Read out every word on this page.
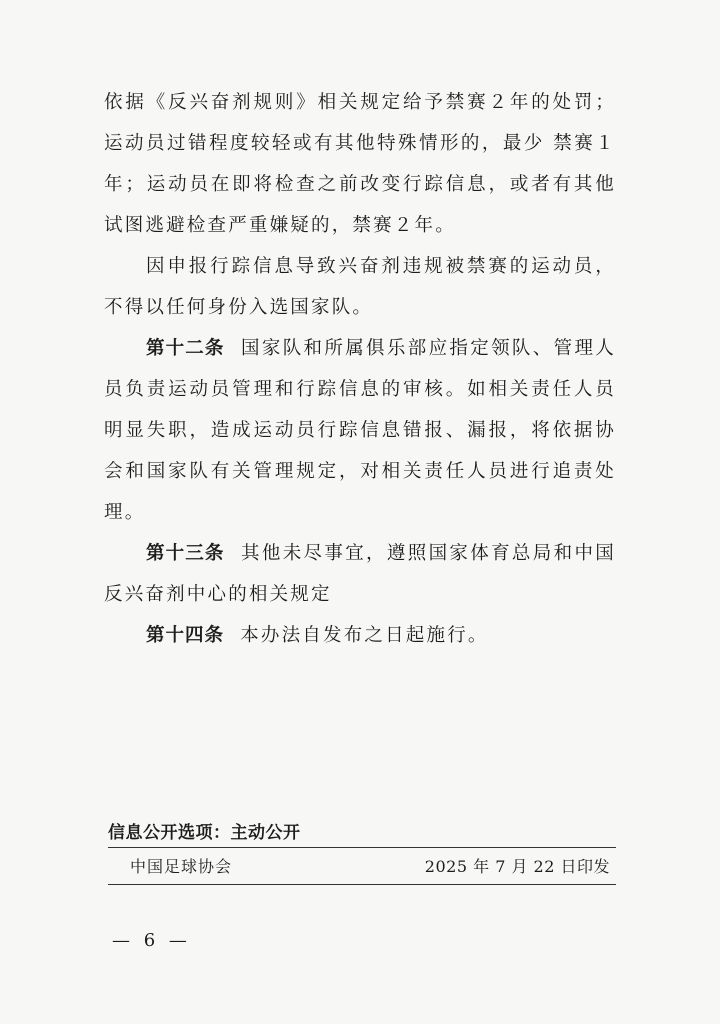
依据《反兴奋剂规则》相关规定给予禁赛２年的处罚；运动员过错程度较轻或有其他特殊情形的，最少 禁赛１年；运动员在即将检查之前改变行踪信息，或者有其他试图逃避检查严重嫌疑的，禁赛２年。

因申报行踪信息导致兴奋剂违规被禁赛的运动员，不得以任何身份入选国家队。

第十二条 国家队和所属俱乐部应指定领队、管理人员负责运动员管理和行踪信息的审核。如相关责任人员明显失职，造成运动员行踪信息错报、漏报，将依据协会和国家队有关管理规定，对相关责任人员进行追责处理。

第十三条 其他未尽事宜，遵照国家体育总局和中国反兴奋剂中心的相关规定

第十四条 本办法自发布之日起施行。

信息公开选项：主动公开
中国足球协会	2025 年 7 月 22 日印发
— 6 —
